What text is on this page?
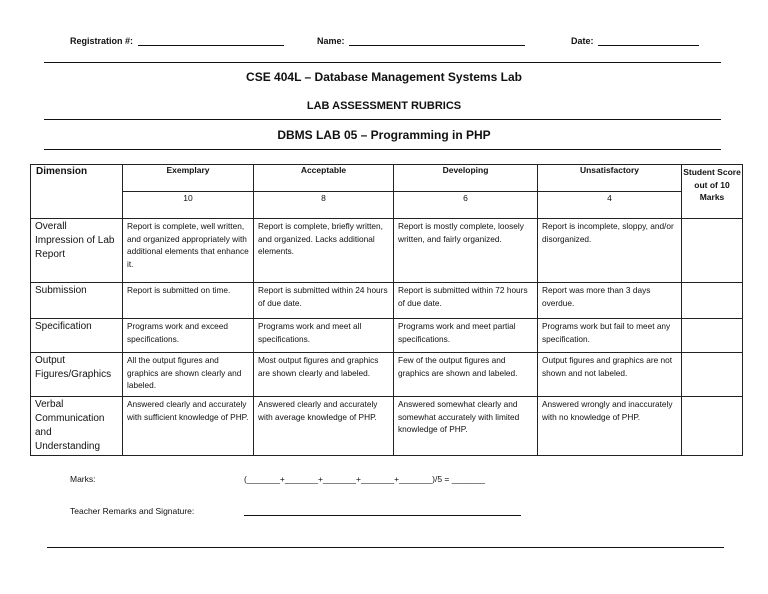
Registration #:	Name:	Date:
CSE 404L – Database Management Systems Lab
LAB ASSESSMENT RUBRICS
DBMS LAB 05 – Programming in PHP
Dimension	Exemplary	Acceptable	Developing	Unsatisfactory	Student Score out of 10 Marks
	10	8	6	4	
Overall Impression of Lab Report	Report is complete, well written, and organized appropriately with additional elements that enhance it.	Report is complete, briefly written, and organized. Lacks additional elements.	Report is mostly complete, loosely written, and fairly organized.	Report is incomplete, sloppy, and/or disorganized.	
Submission	Report is submitted on time.	Report is submitted within 24 hours of due date.	Report is submitted within 72 hours of due date.	Report was more than 3 days overdue.	
Specification	Programs work and exceed specifications.	Programs work and meet all specifications.	Programs work and meet partial specifications.	Programs work but fail to meet any specification.	
Output Figures/Graphics	All the output figures and graphics are shown clearly and labeled.	Most output figures and graphics are shown clearly and labeled.	Few of the output figures and graphics are shown and labeled.	Output figures and graphics are not shown and not labeled.	
Verbal Communication and Understanding	Answered clearly and accurately with sufficient knowledge of PHP.	Answered clearly and accurately with average knowledge of PHP.	Answered somewhat clearly and somewhat accurately with limited knowledge of PHP.	Answered wrongly and inaccurately with no knowledge of PHP.	
Marks:	(_______+_______+_______+_______+_______)/5 = _______
Teacher Remarks and Signature:
